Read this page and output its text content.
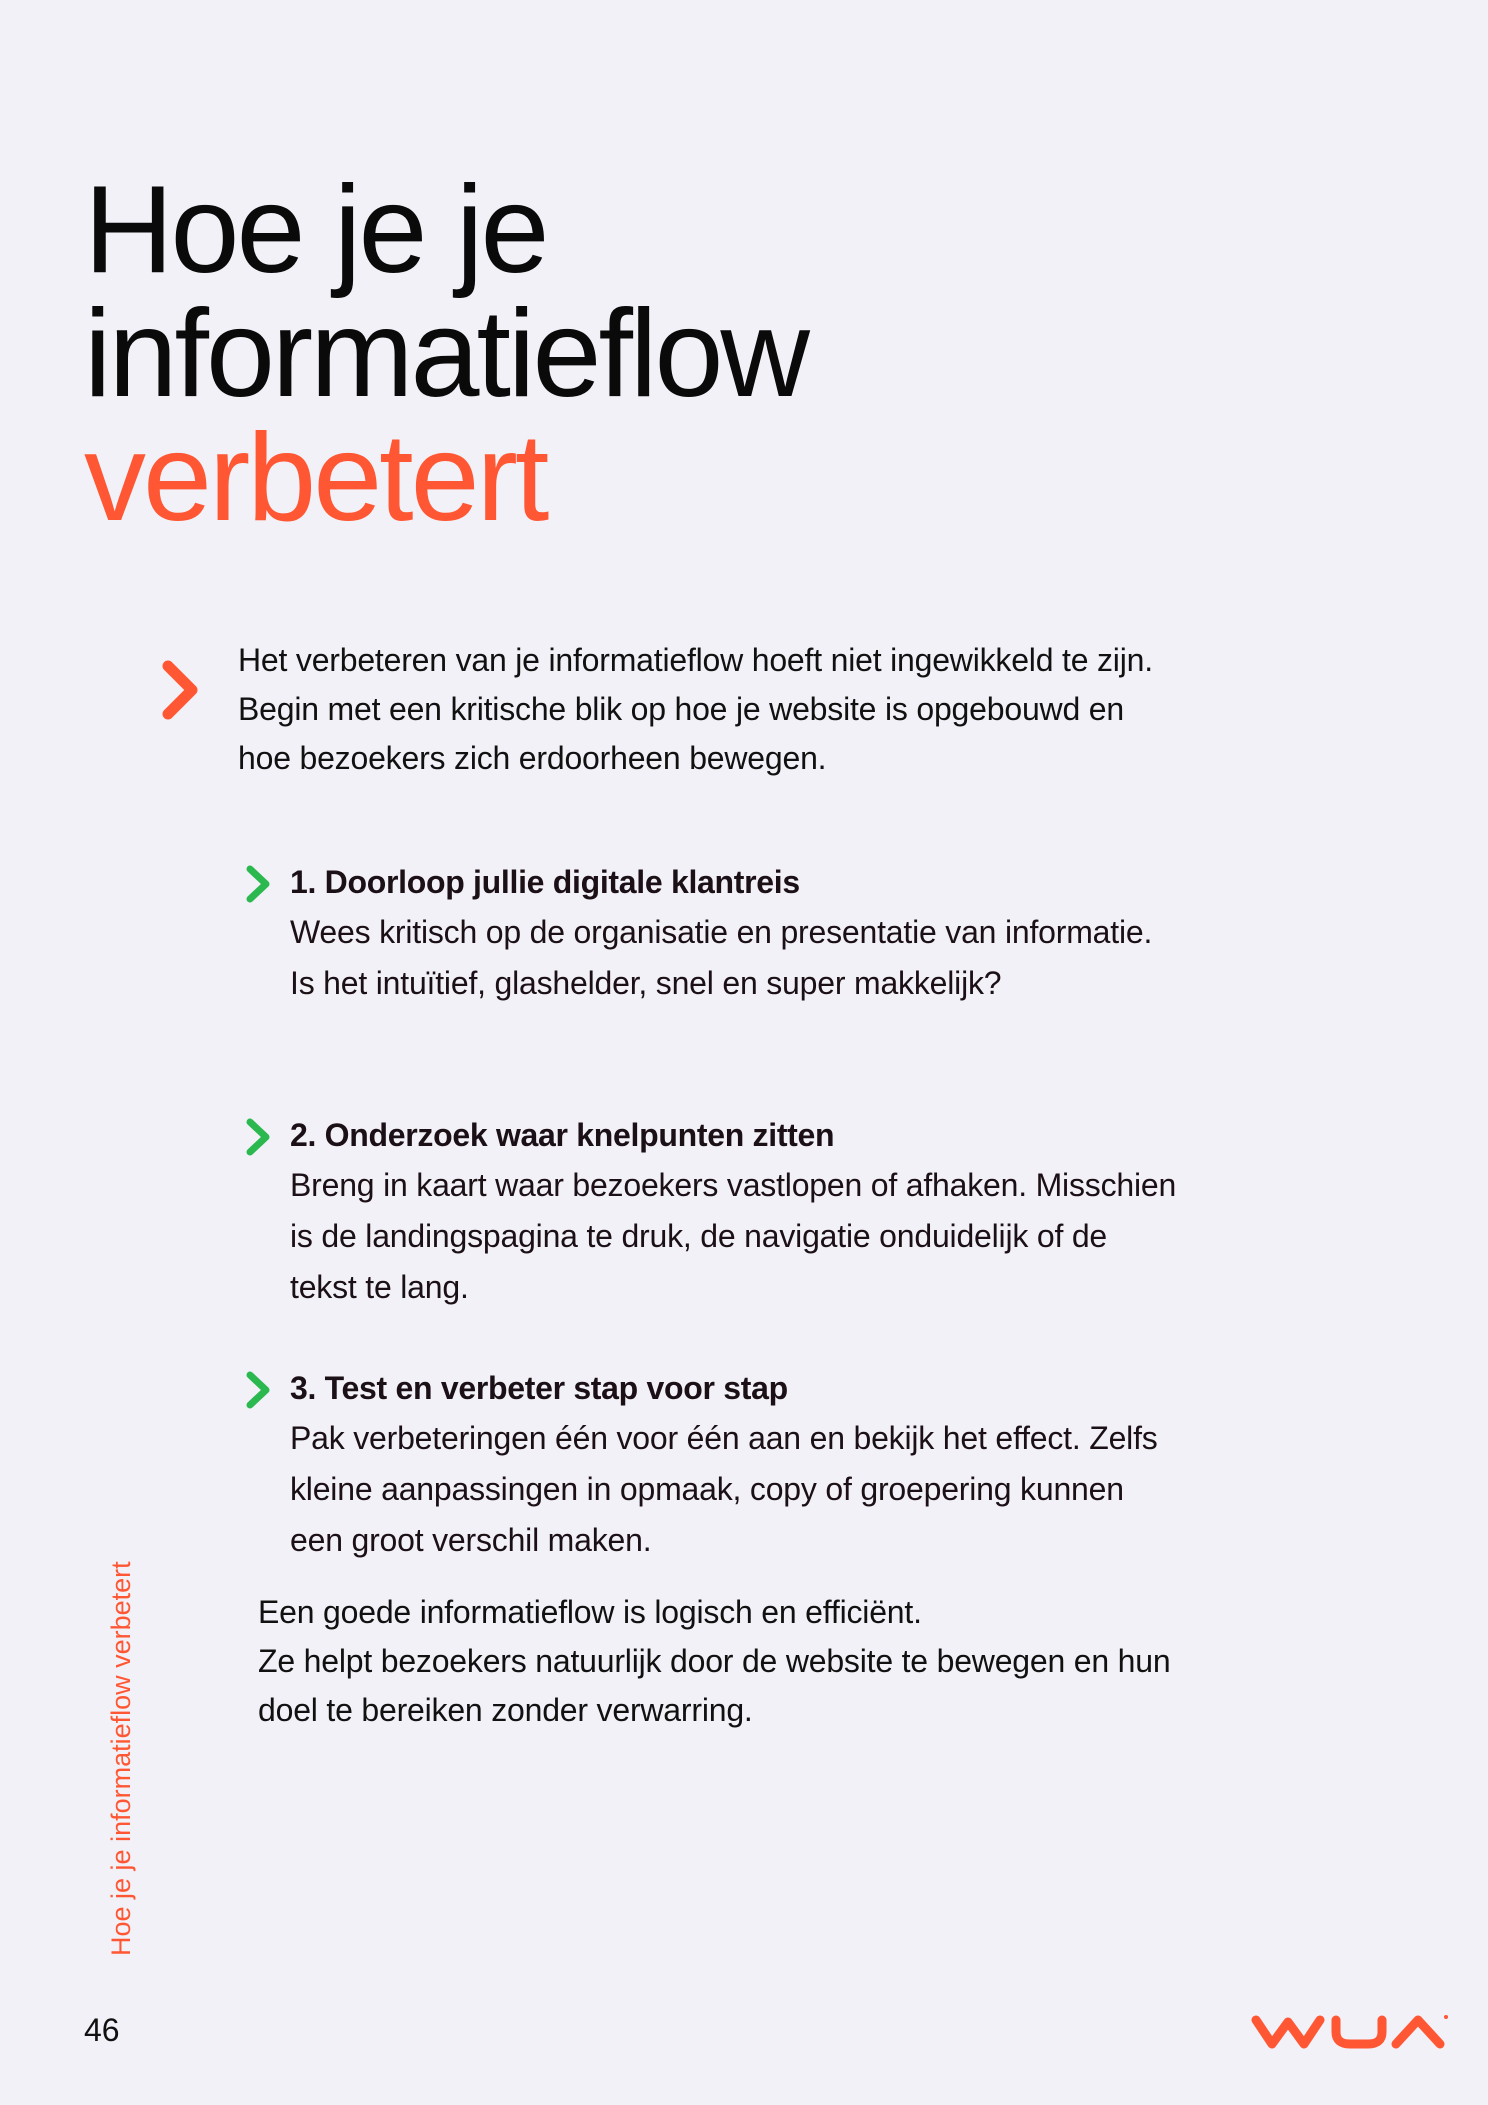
Hoe je je
informatieflow
verbetert

Het verbeteren van je informatieflow hoeft niet ingewikkeld te zijn.
Begin met een kritische blik op hoe je website is opgebouwd en
hoe bezoekers zich erdoorheen bewegen.

1. Doorloop jullie digitale klantreis

Wees kritisch op de organisatie en presentatie van informatie.
Is het intuïtief, glashelder, snel en super makkelijk?

2. Onderzoek waar knelpunten zitten

Breng in kaart waar bezoekers vastlopen of afhaken. Misschien
is de landingspagina te druk, de navigatie onduidelijk of de
tekst te lang.

3. Test en verbeter stap voor stap

Pak verbeteringen één voor één aan en bekijk het effect. Zelfs
kleine aanpassingen in opmaak, copy of groepering kunnen
een groot verschil maken.

Een goede informatieflow is logisch en efficiënt.
Ze helpt bezoekers natuurlijk door de website te bewegen en hun
doel te bereiken zonder verwarring.
Hoe je je informatieflow verbetert
46
